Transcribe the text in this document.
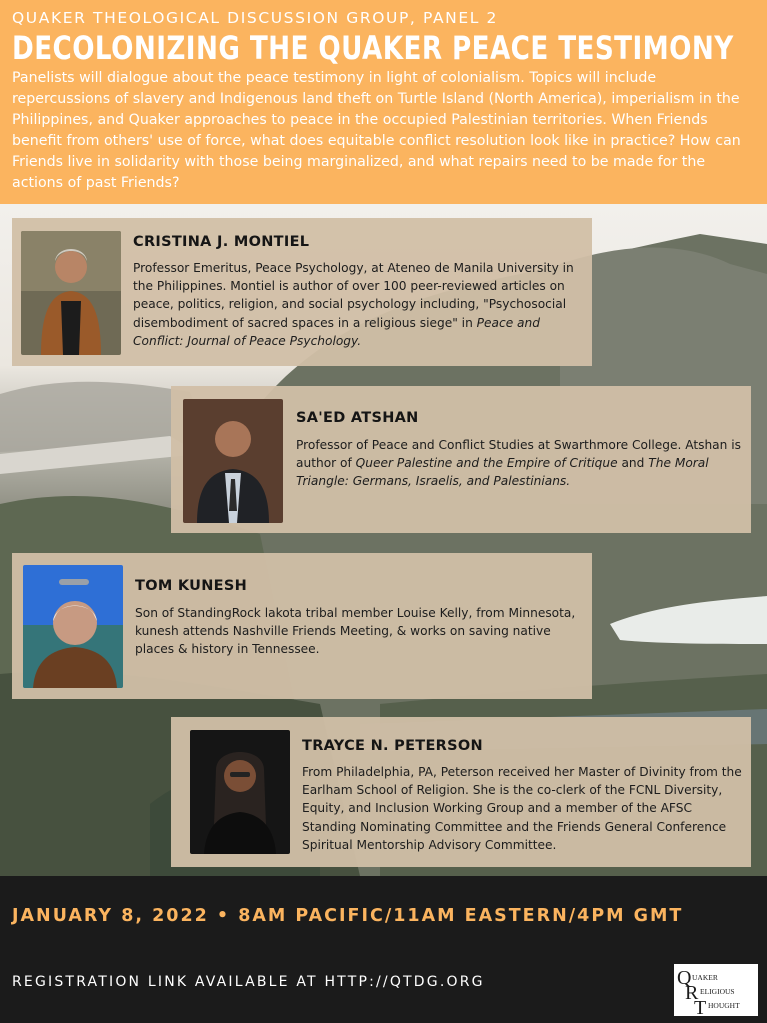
QUAKER THEOLOGICAL DISCUSSION GROUP, PANEL 2
DECOLONIZING THE QUAKER PEACE TESTIMONY
Panelists will dialogue about the peace testimony in light of colonialism. Topics will include repercussions of slavery and Indigenous land theft on Turtle Island (North America), imperialism in the Philippines, and Quaker approaches to peace in the occupied Palestinian territories. When Friends benefit from others' use of force, what does equitable conflict resolution look like in practice? How can Friends live in solidarity with those being marginalized, and what repairs need to be made for the actions of past Friends?
CRISTINA J. MONTIEL
Professor Emeritus, Peace Psychology, at Ateneo de Manila University in the Philippines. Montiel is author of over 100 peer-reviewed articles on peace, politics, religion, and social psychology including, "Psychosocial disembodiment of sacred spaces in a religious siege" in Peace and Conflict: Journal of Peace Psychology.
SA'ED ATSHAN
Professor of Peace and Conflict Studies at Swarthmore College. Atshan is author of Queer Palestine and the Empire of Critique and The Moral Triangle: Germans, Israelis, and Palestinians.
TOM KUNESH
Son of StandingRock lakota tribal member Louise Kelly, from Minnesota, kunesh attends Nashville Friends Meeting, & works on saving native places & history in Tennessee.
TRAYCE N. PETERSON
From Philadelphia, PA, Peterson received her Master of Divinity from the Earlham School of Religion. She is the co-clerk of the FCNL Diversity, Equity, and Inclusion Working Group and a member of the AFSC Standing Nominating Committee and the Friends General Conference Spiritual Mentorship Advisory Committee.
JANUARY 8, 2022 • 8AM PACIFIC/11AM EASTERN/4PM GMT
REGISTRATION LINK AVAILABLE AT HTTP://QTDG.ORG	Q UAKER
R ELIGIOUS
T HOUGHT
